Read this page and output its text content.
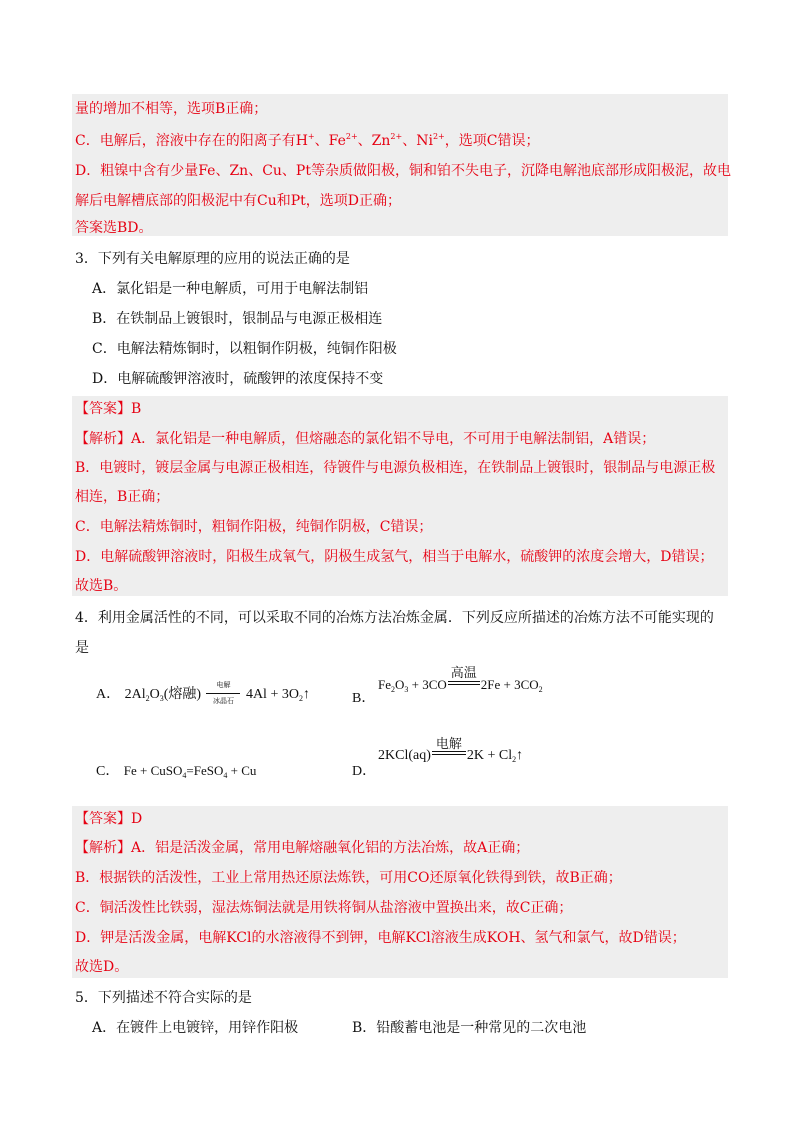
量的增加不相等，选项B正确；
C．电解后，溶液中存在的阳离子有H+、$Fe^{2+}$、$Zn^{2+}$、$Ni^{2+}$，选项C错误；
D．粗镍中含有少量Fe、Zn、Cu、Pt等杂质做阳极，铜和铂不失电子，沉降电解池底部形成阳极泥，故电
解后电解槽底部的阳极泥中有Cu和Pt，选项D正确；
答案选BD。
3．下列有关电解原理的应用的说法正确的是
A．氯化铝是一种电解质，可用于电解法制铝
B．在铁制品上镀银时，银制品与电源正极相连
C．电解法精炼铜时，以粗铜作阴极，纯铜作阳极
D．电解硫酸钾溶液时，硫酸钾的浓度保持不变
【答案】B
【解析】A．氯化铝是一种电解质，但熔融态的氯化铝不导电，不可用于电解法制铝，A错误；
B．电镀时，镀层金属与电源正极相连，待镀件与电源负极相连，在铁制品上镀银时，银制品与电源正极
相连，B正确；
C．电解法精炼铜时，粗铜作阳极，纯铜作阴极，C错误；
D．电解硫酸钾溶液时，阳极生成氧气，阴极生成氢气，相当于电解水，硫酸钾的浓度会增大，D错误；
故选B。
4．利用金属活性的不同，可以采取不同的冶炼方法冶炼金属．下列反应所描述的冶炼方法不可能实现的
是
A． $2Al_2O_3$(熔融)
电解
冰晶石 $4Al + 3O_2↑$	B．
$Fe_2O_3 + 3CO$
高温
$2Fe + 3CO_2$
C． Fe + CuSO$_4$=FeSO$_4$ + Cu	D．
2KCl(aq)
电解
$2K + Cl_2↑$
【答案】D
【解析】A．铝是活泼金属，常用电解熔融氧化铝的方法冶炼，故A正确；
B．根据铁的活泼性，工业上常用热还原法炼铁，可用CO还原氧化铁得到铁，故B正确；
C．铜活泼性比铁弱，湿法炼铜法就是用铁将铜从盐溶液中置换出来，故C正确；
D．钾是活泼金属，电解KCl的水溶液得不到钾，电解KCl溶液生成KOH、氢气和氯气，故D错误；
故选D。
5．下列描述不符合实际的是
A．在镀件上电镀锌，用锌作阳极	B．铅酸蓄电池是一种常见的二次电池
